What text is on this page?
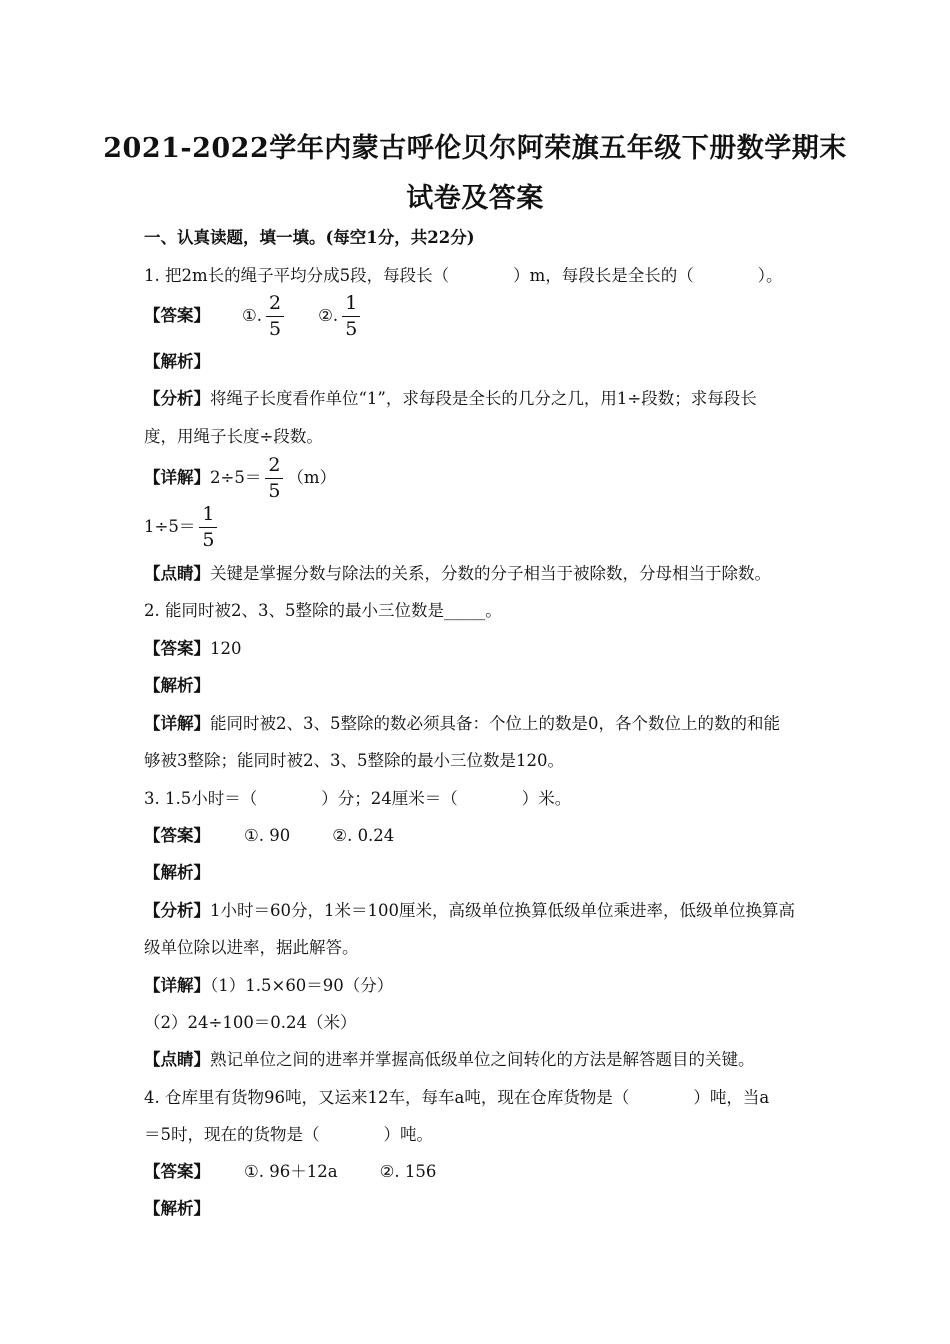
2021-2022学年内蒙古呼伦贝尔阿荣旗五年级下册数学期末
试卷及答案
一、认真读题，填一填。(每空1分，共22分)
1. 把2m长的绳子平均分成5段，每段长（	）m，每段长是全长的（	）。
【答案】 ①. $\frac{2}{5}$ ②. $\frac{1}{5}$
【解析】
【分析】将绳子长度看作单位“1”，求每段是全长的几分之几，用1÷段数；求每段长
度，用绳子长度÷段数。
【详解】$2\div 5= \frac{2}{5} (m)$
$1\div 5= \frac{1}{5}$
【点睛】关键是掌握分数与除法的关系，分数的分子相当于被除数，分母相当于除数。
2. 能同时被2、3、5整除的最小三位数是_____。
【答案】120
【解析】
【详解】能同时被2、3、5整除的数必须具备：个位上的数是0，各个数位上的数的和能
够被3整除；能同时被2、3、5整除的最小三位数是120。
3. 1.5小时＝（	）分；24厘米＝（	）米。
【答案】 ①. 90	②. 0.24
【解析】
【分析】1小时＝60分，1米＝100厘米，高级单位换算低级单位乘进率，低级单位换算高
级单位除以进率，据此解答。
【详解】（1）1.5×60＝90（分）
（2）24÷100＝0.24（米）
【点睛】熟记单位之间的进率并掌握高低级单位之间转化的方法是解答题目的关键。
4. 仓库里有货物96吨，又运来12车，每车a吨，现在仓库货物是（	）吨，当a
＝5时，现在的货物是（	）吨。
【答案】 ①. 96＋12a	②. 156
【解析】
